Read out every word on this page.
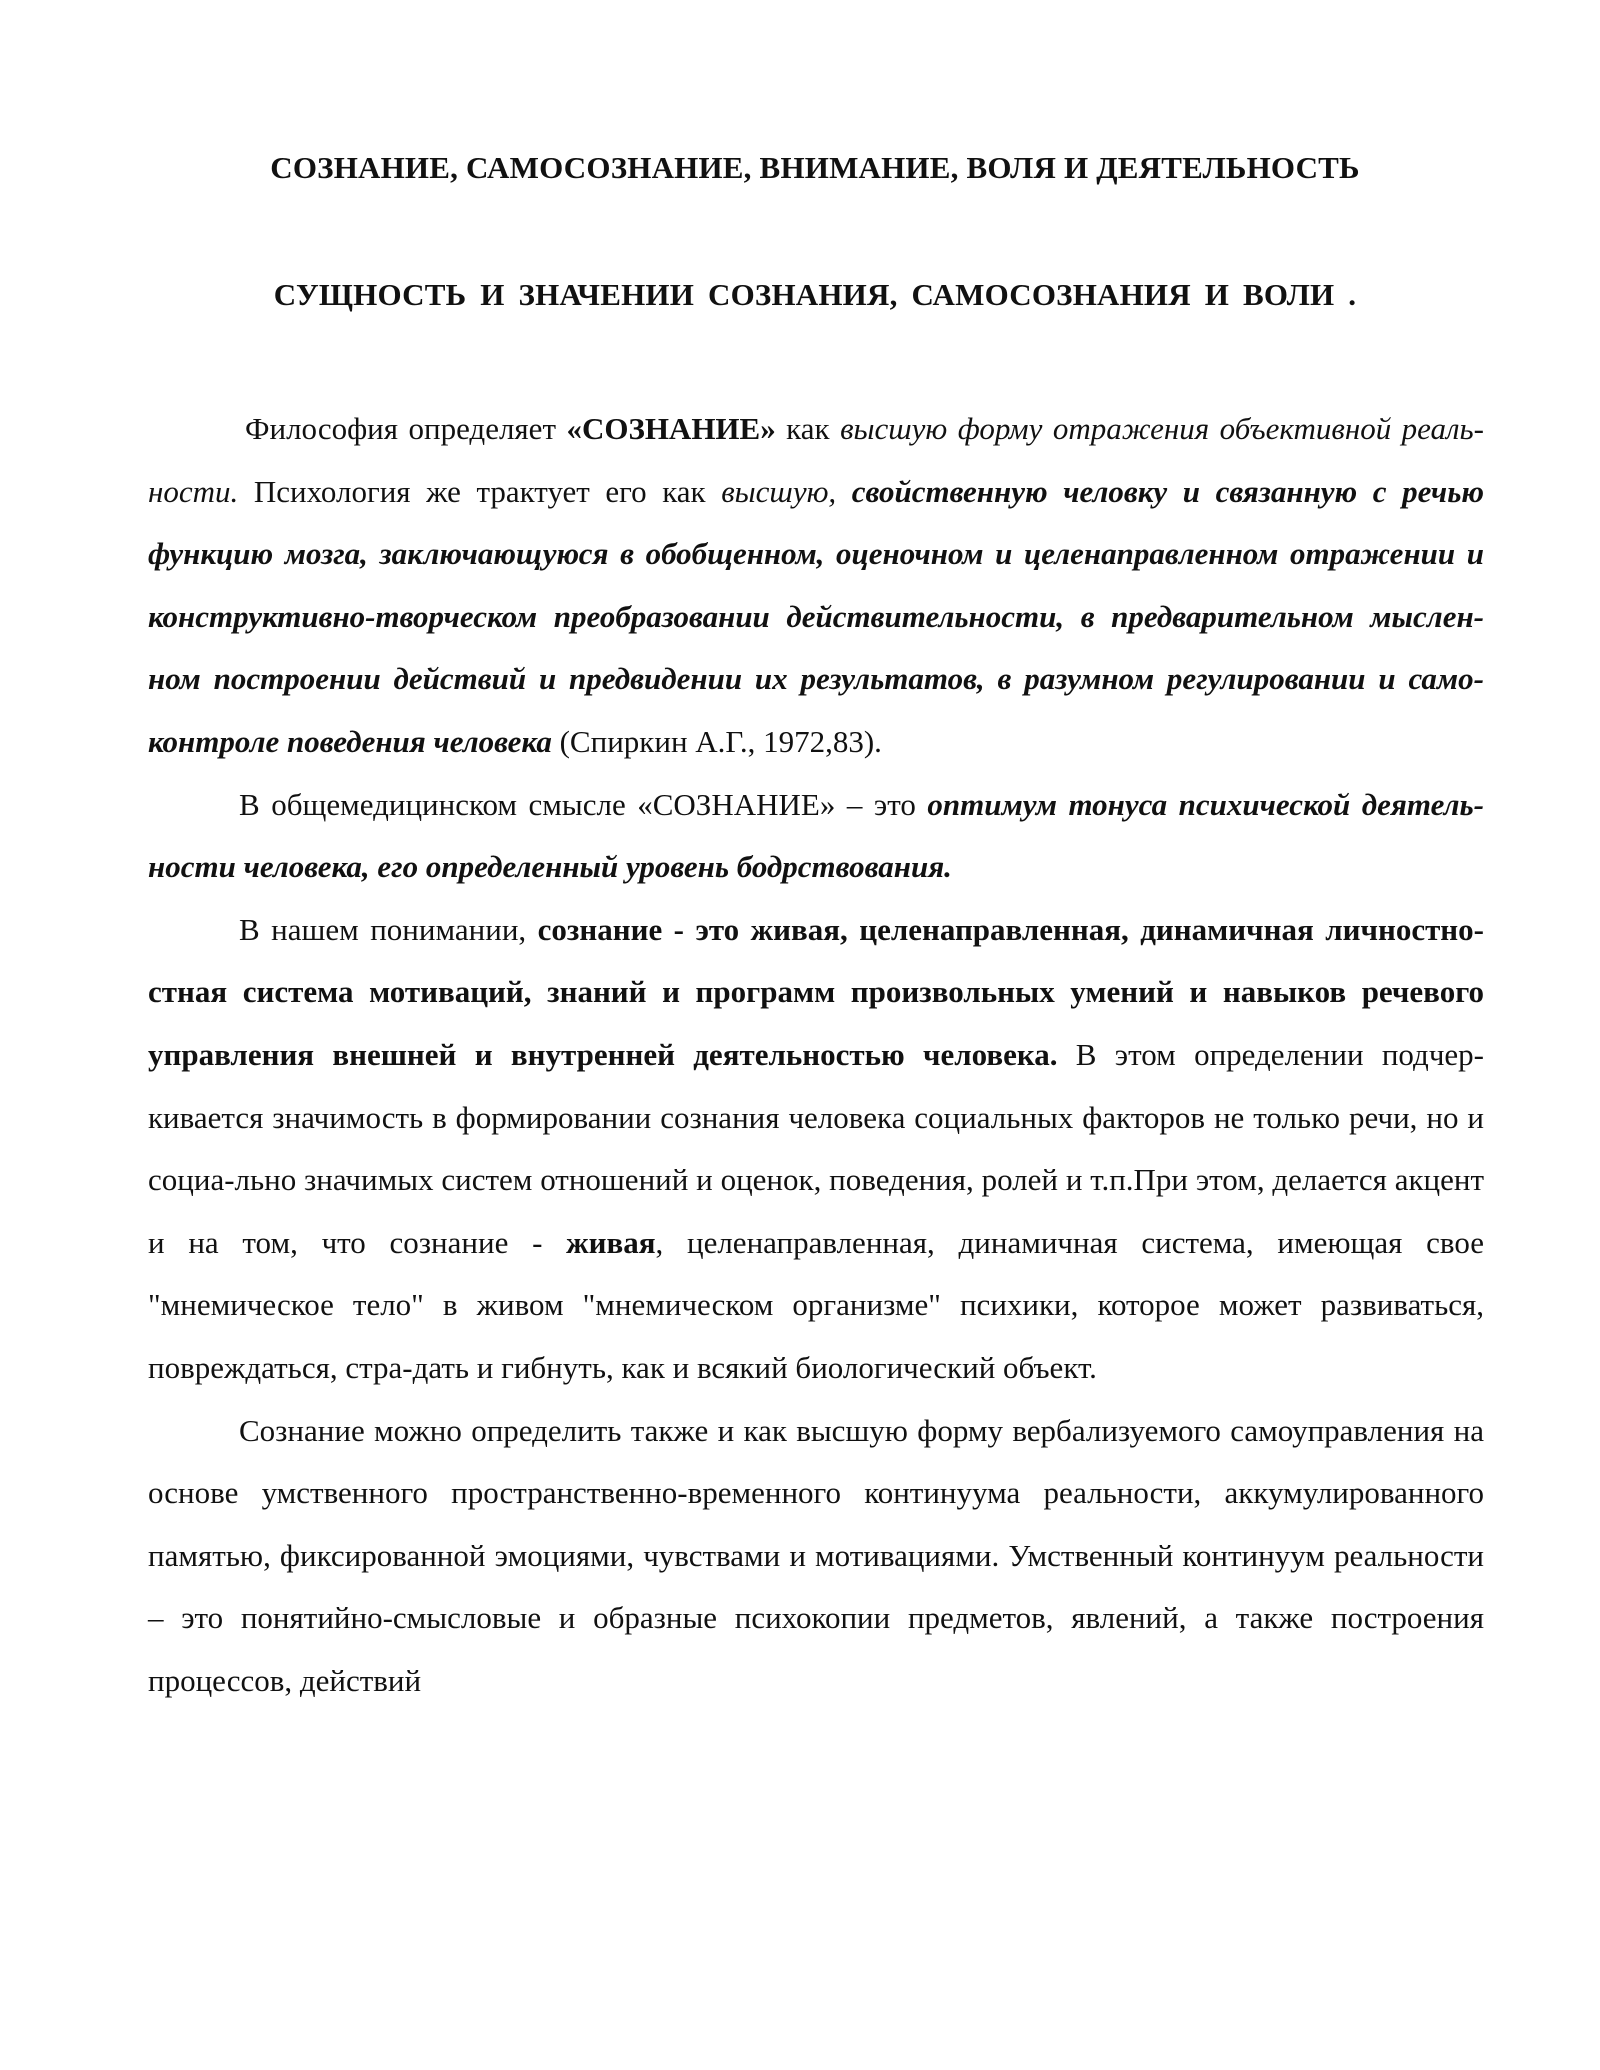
СОЗНАНИЕ, САМОСОЗНАНИЕ, ВНИМАНИЕ, ВОЛЯ И ДЕЯТЕЛЬНОСТЬ
СУЩНОСТЬ И ЗНАЧЕНИИ СОЗНАНИЯ, САМОСОЗНАНИЯ И ВОЛИ .

Философия определяет «СОЗНАНИЕ» как высшую форму отражения объективной реаль-ности. Психология же трактует его как высшую, свойственную человку и связанную с речью функцию мозга, заключающуюся в обобщенном, оценочном и целенаправленном отражении и конструктивно-творческом преобразовании действительности, в предварительном мыслен-ном построении действий и предвидении их результатов, в разумном регулировании и само-контроле поведения человека (Спиркин А.Г., 1972,83).

В общемедицинском смысле «СОЗНАНИЕ» – это оптимум тонуса психической деятель-ности человека, его определенный уровень бодрствования.

В нашем понимании, сознание - это живая, целенаправленная, динамичная личностно-стная система мотиваций, знаний и программ произвольных умений и навыков речевого управления внешней и внутренней деятельностью человека. В этом определении подчер-кивается значимость в формировании сознания человека социальных факторов не только речи, но и социа-льно значимых систем отношений и оценок, поведения, ролей и т.п.При этом, делается акцент и на том, что сознание - живая, целенаправленная, динамичная система, имеющая свое "мнемическое тело" в живом "мнемическом организме" психики, которое может развиваться, повреждаться, стра-дать и гибнуть, как и всякий биологический объект.

Сознание можно определить также и как высшую форму вербализуемого самоуправления на основе умственного пространственно-временного континуума реальности, аккумулированного памятью, фиксированной эмоциями, чувствами и мотивациями. Умственный континуум реальности – это понятийно-смысловые и образные психокопии предметов, явлений, а также построения процессов, действий
